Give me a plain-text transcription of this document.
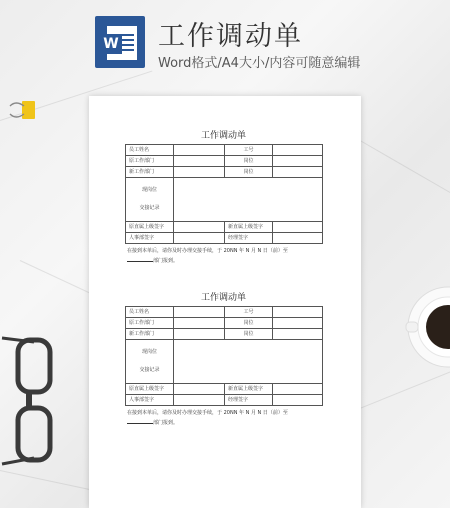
W 工作调动单
Word格式/A4大小/内容可随意编辑
工作调动单
员工姓名		工号	
原工作部门		岗位	
新工作部门		岗位	
现岗位

交接记录			
原直属上级签字		新直属上级签字	
人事部签字		经理签字	
在接到本单后，请你及时办理交接手续，于 20NN 年 N 月 N 日（前）至
部门报到。
工作调动单
员工姓名		工号	
原工作部门		岗位	
新工作部门		岗位	
现岗位

交接记录			
原直属上级签字		新直属上级签字	
人事部签字		经理签字	
在接到本单后，请你及时办理交接手续，于 20NN 年 N 月 N 日（前）至
部门报到。
